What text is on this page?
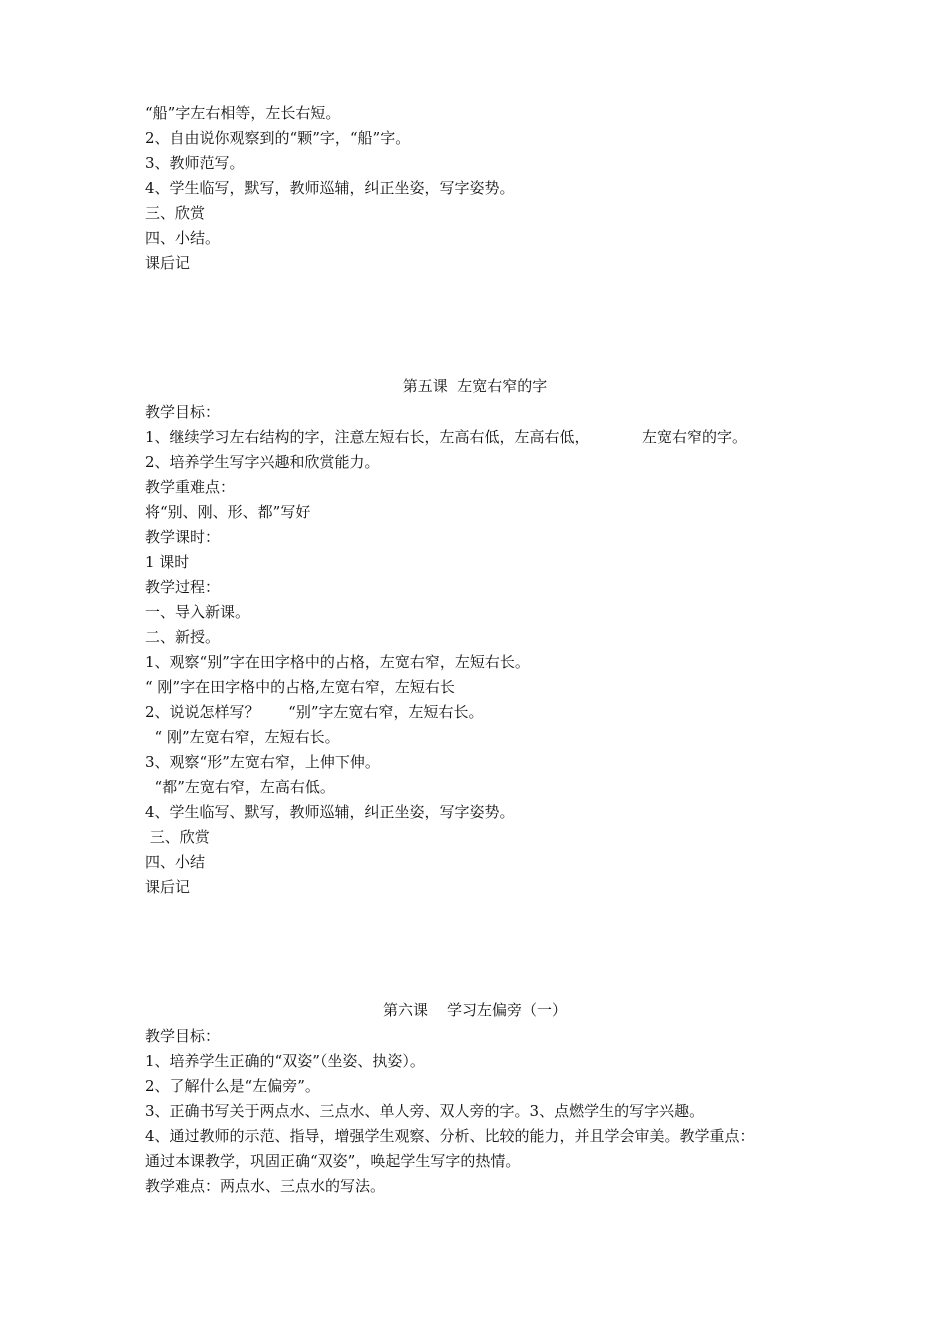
“船”字左右相等，左长右短。
2、自由说你观察到的“颗”字，“船”字。
3、教师范写。
4、学生临写，默写，教师巡辅，纠正坐姿，写字姿势。
三、欣赏
四、小结。
课后记
第五课  左宽右窄的字
教学目标：
1、继续学习左右结构的字，注意左短右长，左高右低，左高右低，           左宽右窄的字。
2、培养学生写字兴趣和欣赏能力。
教学重难点：
将“别、刚、形、都”写好
教学课时：
1 课时
教学过程：
一、导入新课。
二、新授。
1、观察“别”字在田字格中的占格，左宽右窄，左短右长。
“ 刚”字在田字格中的占格,左宽右窄，左短右长
2、说说怎样写？      “别”字左宽右窄，左短右长。
“ 刚”左宽右窄，左短右长。
3、观察“形”左宽右窄，上伸下伸。
“都”左宽右窄，左高右低。
4、学生临写、默写，教师巡辅，纠正坐姿，写字姿势。
三、欣赏
四、小结
课后记
第六课    学习左偏旁（一）
教学目标：
1、培养学生正确的“双姿”（坐姿、执姿）。
2、了解什么是“左偏旁”。
3、正确书写关于两点水、三点水、单人旁、双人旁的字。3、点燃学生的写字兴趣。
4、通过教师的示范、指导，增强学生观察、分析、比较的能力，并且学会审美。教学重点：
通过本课教学，巩固正确“双姿”，唤起学生写字的热情。
教学难点：两点水、三点水的写法。
